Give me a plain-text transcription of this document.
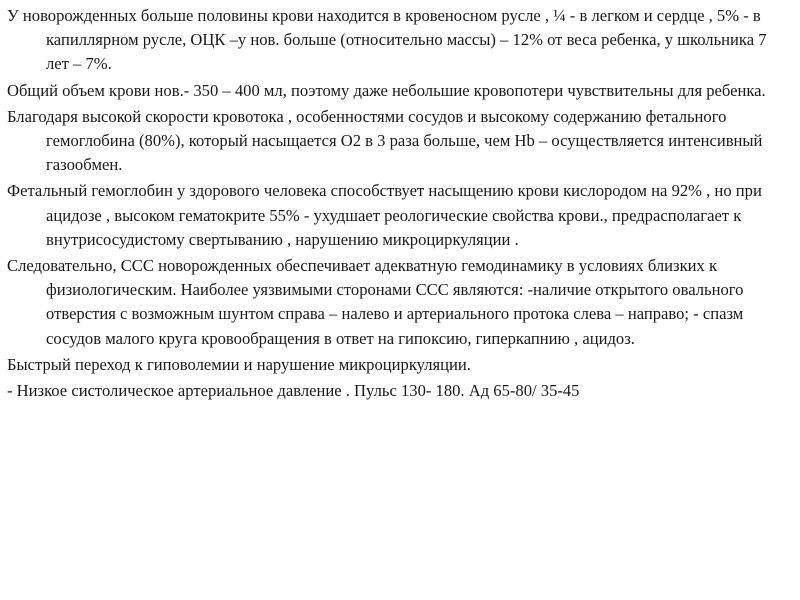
У новорожденных больше половины крови находится в кровеносном русле , ¼ - в легком и сердце , 5% - в капиллярном русле, ОЦК –у нов. больше (относительно массы) – 12% от веса ребенка, у школьника 7 лет – 7%.

Общий объем крови нов.- 350 – 400 мл, поэтому даже небольшие кровопотери чувствительны для ребенка.

Благодаря высокой скорости кровотока , особенностями сосудов и высокому содержанию фетального гемоглобина (80%), который насыщается О2 в 3 раза больше, чем Нb – осуществляется интенсивный газообмен.

Фетальный гемоглобин у здорового человека способствует насыщению крови кислородом на 92% , но при ацидозе , высоком гематокрите 55% - ухудшает реологические свойства крови., предрасполагает к внутрисосудистому свертыванию , нарушению микроциркуляции .

Следовательно, ССС новорожденных обеспечивает адекватную гемодинамику в условиях близких к физиологическим. Наиболее уязвимыми сторонами ССС являются: -наличие открытого овального отверстия с возможным шунтом справа – налево и артериального протока слева – направо; - спазм сосудов малого круга кровообращения в ответ на гипоксию, гиперкапнию , ацидоз.

Быстрый переход к гиповолемии и нарушение микроциркуляции.

- Низкое систолическое артериальное давление . Пульс 130- 180. Ад 65-80/ 35-45
